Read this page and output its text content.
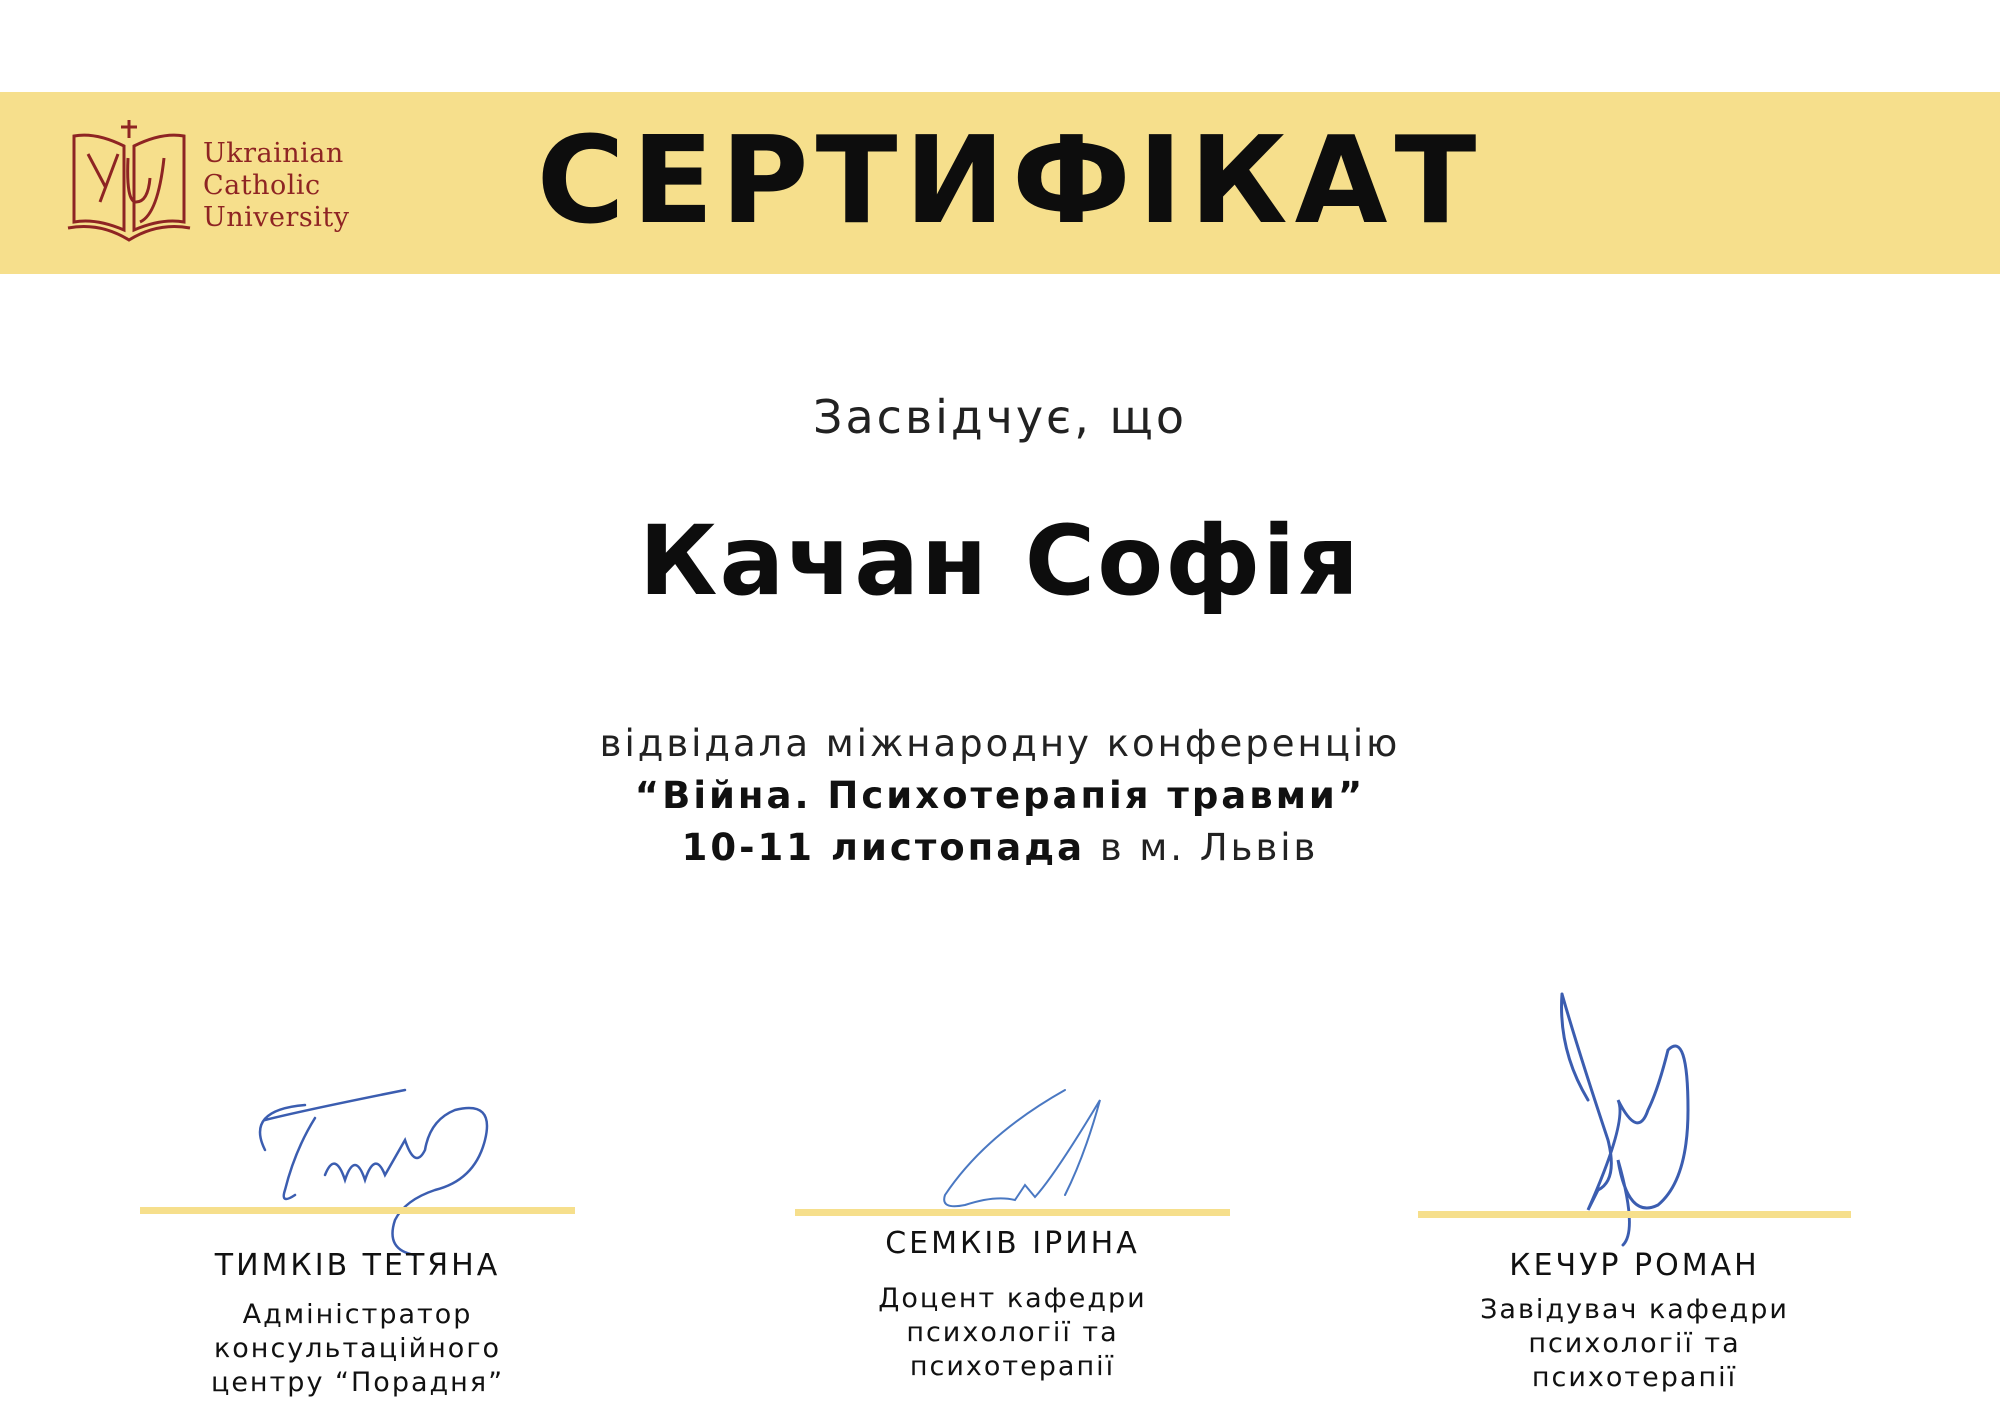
Ukrainian
Catholic
University	СЕРТИФІКАТ
Засвідчує, що
Качан Софія
відвідала міжнародну конференцію
“Війна. Психотерапія травми”
10-11 листопада в м. Львів
ТИМКІВ ТЕТЯНА
Адміністратор
консультаційного
центру “Порадня”
СЕМКІВ ІРИНА
Доцент кафедри
психології та
психотерапії
КЕЧУР РОМАН
Завідувач кафедри
психології та
психотерапії
